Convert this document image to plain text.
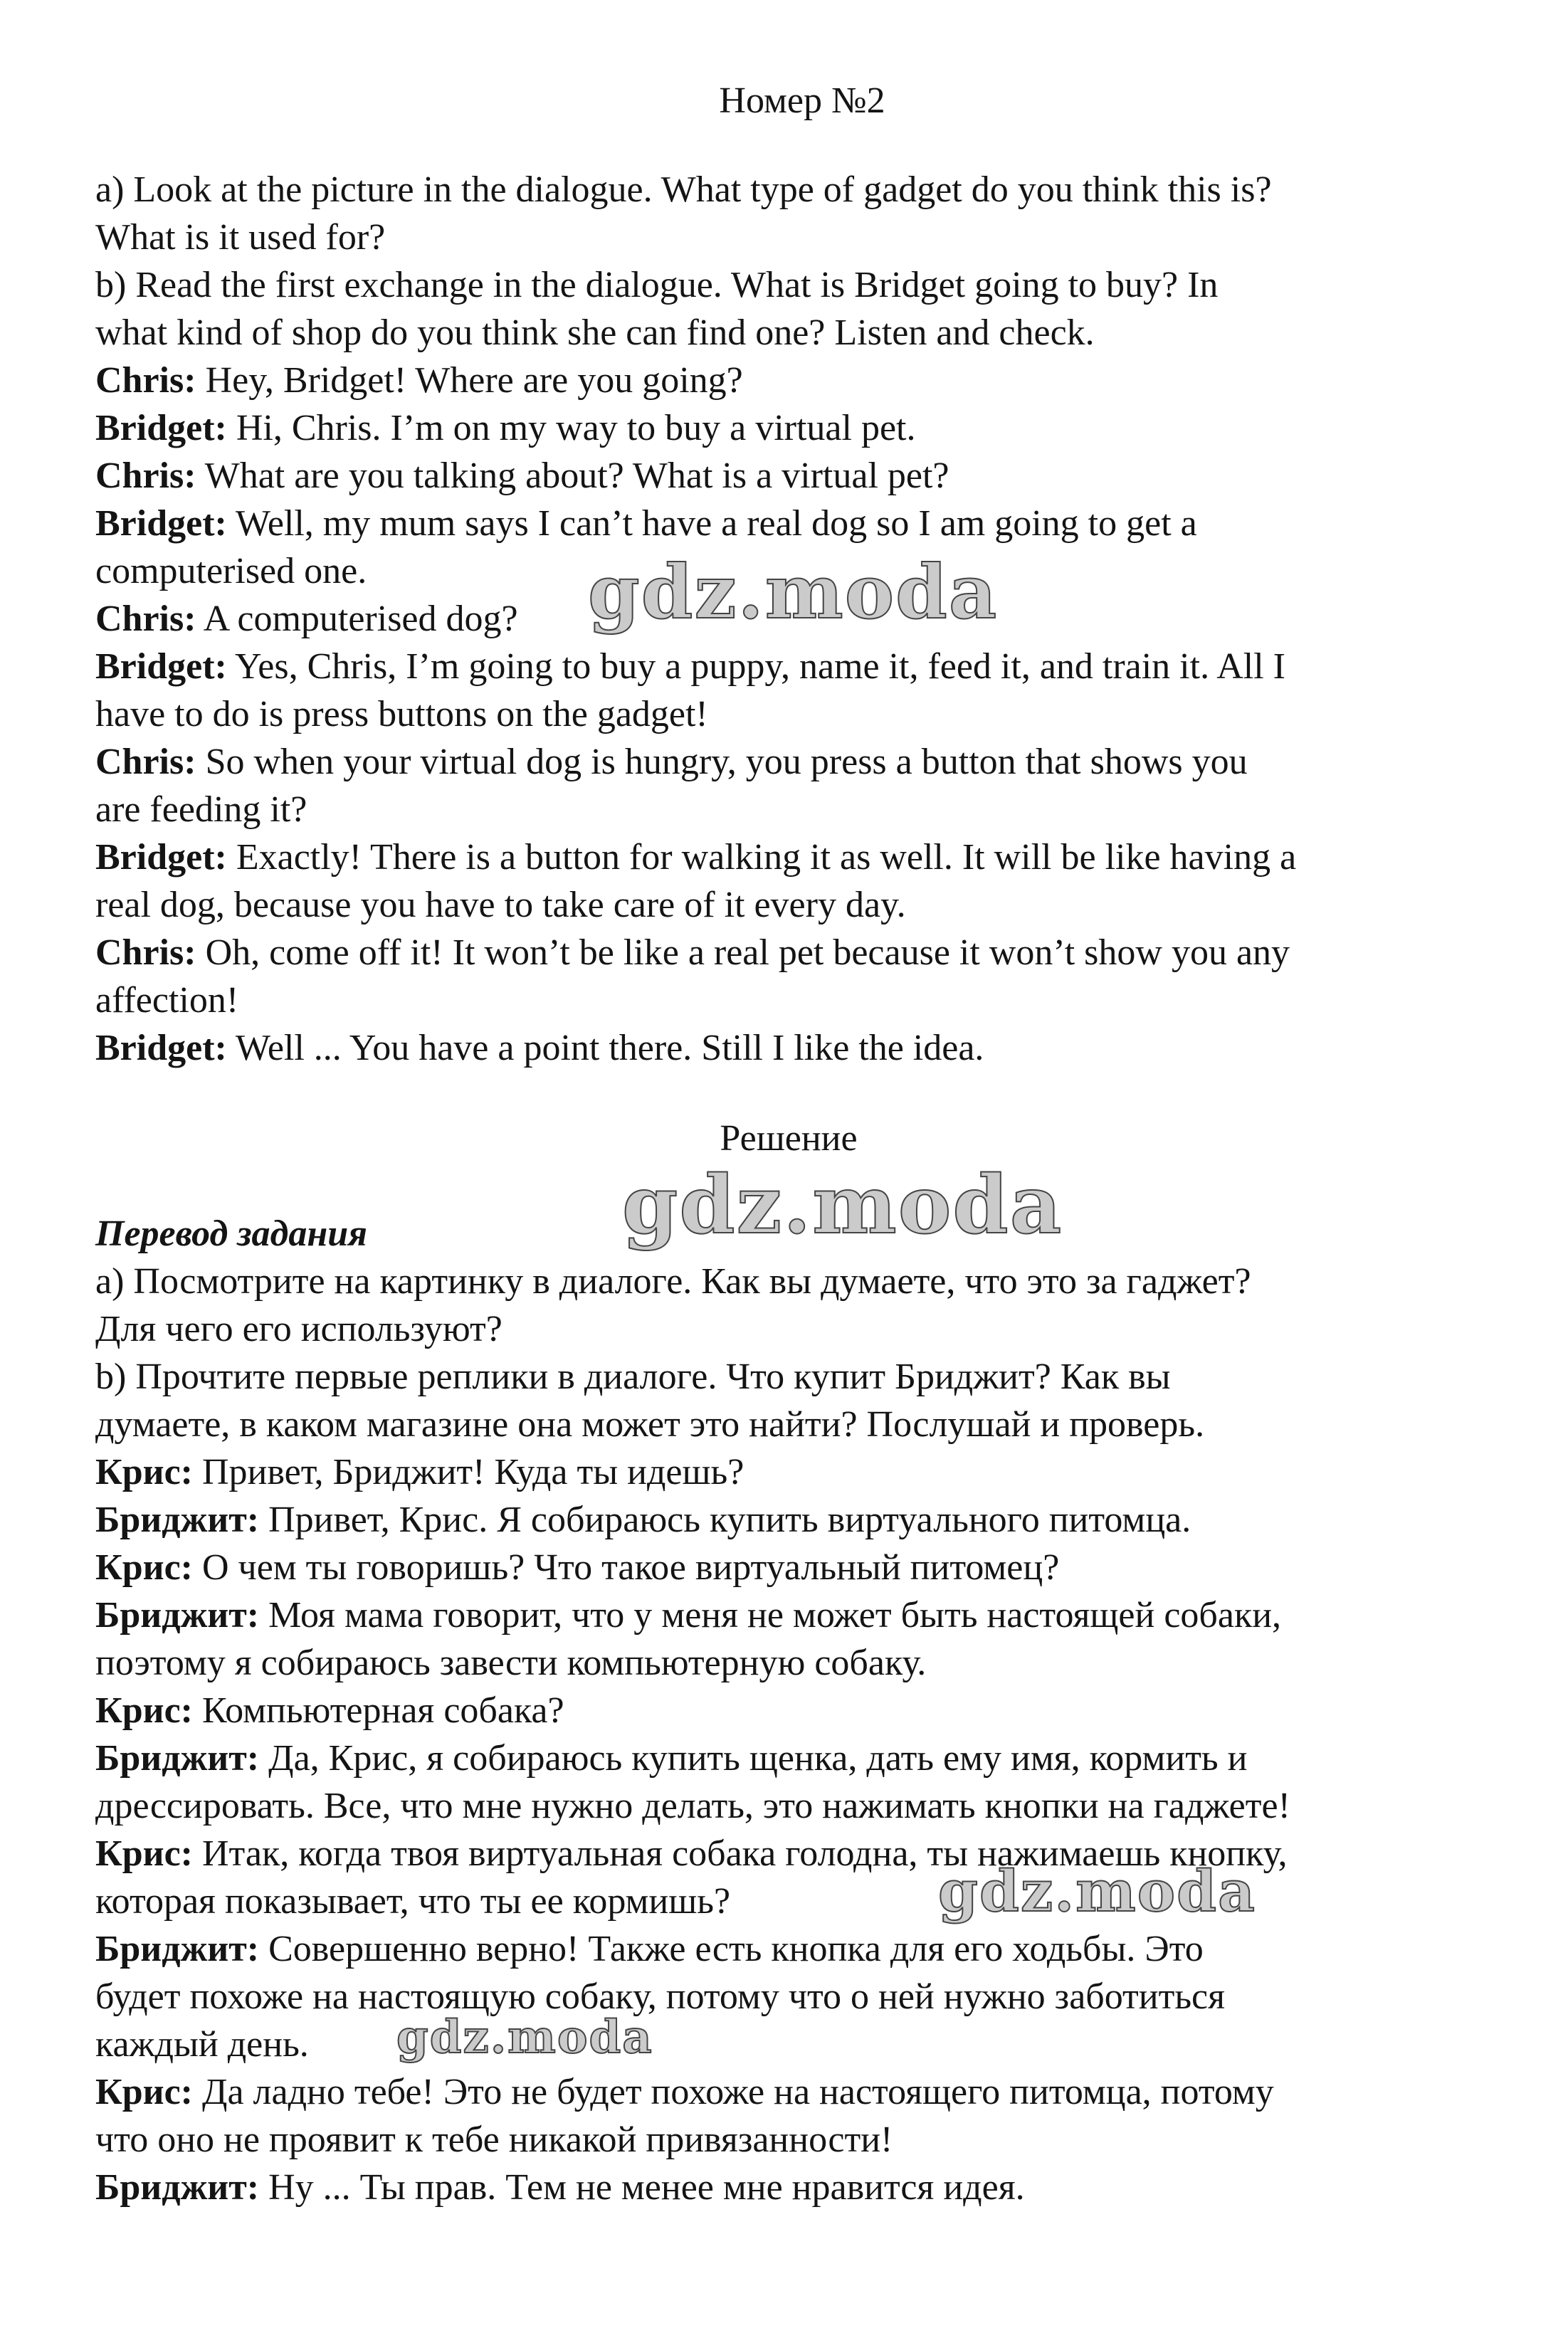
Номер №2
a) Look at the picture in the dialogue. What type of gadget do you think this is?
What is it used for?
b) Read the first exchange in the dialogue. What is Bridget going to buy? In
what kind of shop do you think she can find one? Listen and check.
Chris: Hey, Bridget! Where are you going?
Bridget: Hi, Chris. I’m on my way to buy a virtual pet.
Chris: What are you talking about? What is a virtual pet?
Bridget: Well, my mum says I can’t have a real dog so I am going to get a
computerised one.
Chris: A computerised dog?
Bridget: Yes, Chris, I’m going to buy a puppy, name it, feed it, and train it. All I
have to do is press buttons on the gadget!
Chris: So when your virtual dog is hungry, you press a button that shows you
are feeding it?
Bridget: Exactly! There is a button for walking it as well. It will be like having a
real dog, because you have to take care of it every day.
Chris: Oh, come off it! It won’t be like a real pet because it won’t show you any
affection!
Bridget: Well ... You have a point there. Still I like the idea.
Решение
Перевод задания
а) Посмотрите на картинку в диалоге. Как вы думаете, что это за гаджет?
Для чего его используют?
b) Прочтите первые реплики в диалоге. Что купит Бриджит? Как вы
думаете, в каком магазине она может это найти? Послушай и проверь.
Крис: Привет, Бриджит! Куда ты идешь?
Бриджит: Привет, Крис. Я собираюсь купить виртуального питомца.
Крис: О чем ты говоришь? Что такое виртуальный питомец?
Бриджит: Моя мама говорит, что у меня не может быть настоящей собаки,
поэтому я собираюсь завести компьютерную собаку.
Крис: Компьютерная собака?
Бриджит: Да, Крис, я собираюсь купить щенка, дать ему имя, кормить и
дрессировать. Все, что мне нужно делать, это нажимать кнопки на гаджете!
Крис: Итак, когда твоя виртуальная собака голодна, ты нажимаешь кнопку,
которая показывает, что ты ее кормишь?
Бриджит: Совершенно верно! Также есть кнопка для его ходьбы. Это
будет похоже на настоящую собаку, потому что о ней нужно заботиться
каждый день.
Крис: Да ладно тебе! Это не будет похоже на настоящего питомца, потому
что оно не проявит к тебе никакой привязанности!
Бриджит: Ну ... Ты прав. Тем не менее мне нравится идея.
gdz.moda
gdz.moda
gdz.moda
gdz.moda
